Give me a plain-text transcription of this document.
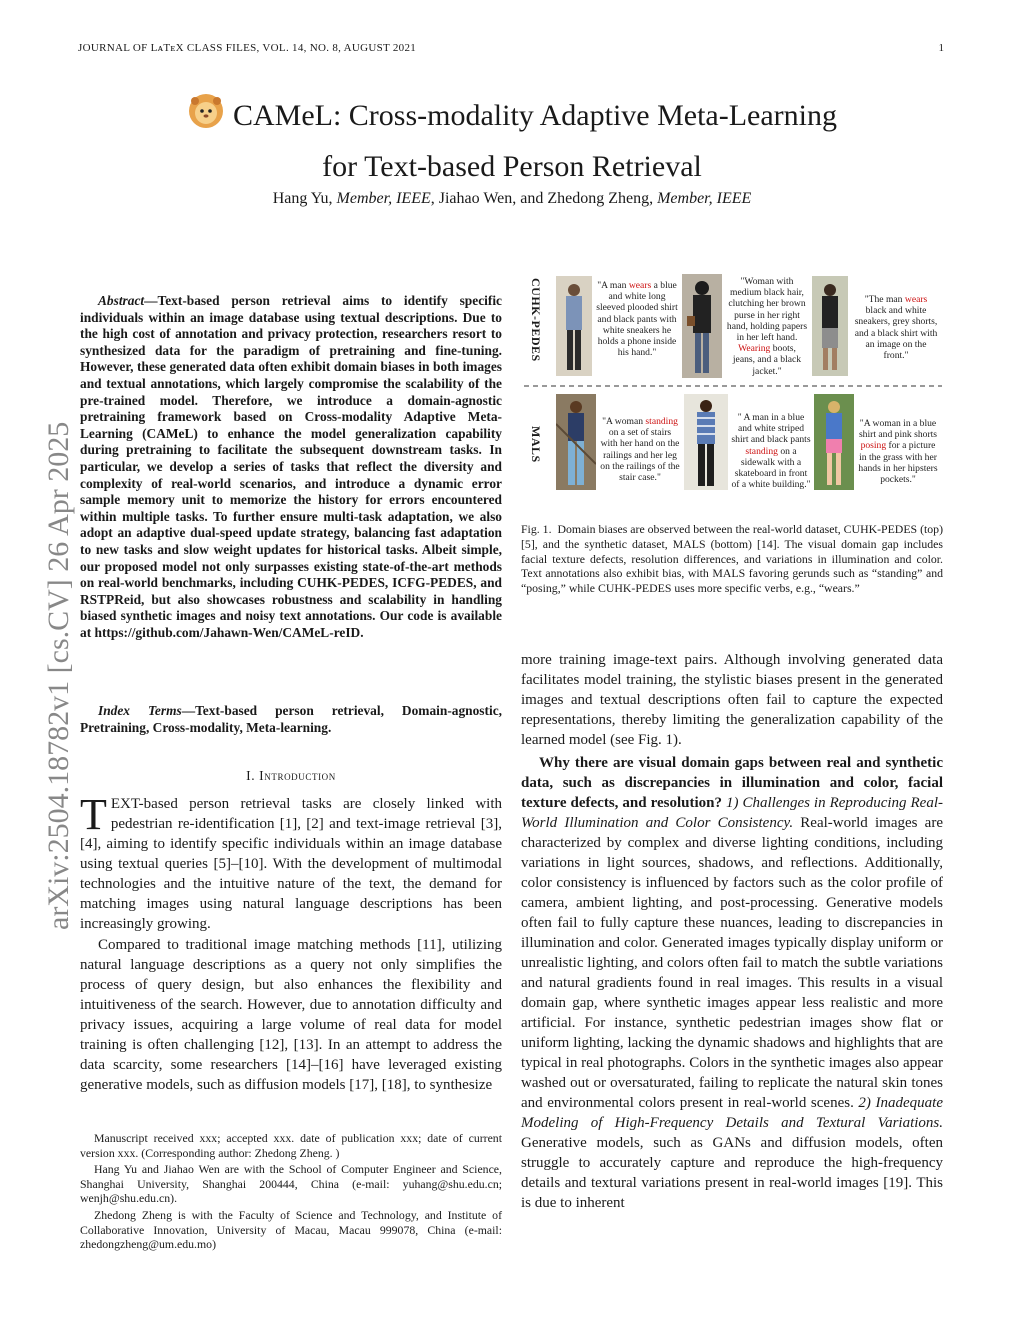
JOURNAL OF LᴀTᴇX CLASS FILES, VOL. 14, NO. 8, AUGUST 2021	1
CAMeL: Cross-modality Adaptive Meta-Learning
for Text-based Person Retrieval
Hang Yu, Member, IEEE, Jiahao Wen, and Zhedong Zheng, Member, IEEE
arXiv:2504.18782v1 [cs.CV] 26 Apr 2025
Abstract—Text-based person retrieval aims to identify specific individuals within an image database using textual descriptions. Due to the high cost of annotation and privacy protection, researchers resort to synthesized data for the paradigm of pretraining and fine-tuning. However, these generated data often exhibit domain biases in both images and textual annotations, which largely compromise the scalability of the pre-trained model. Therefore, we introduce a domain-agnostic pretraining framework based on Cross-modality Adaptive Meta-Learning (CAMeL) to enhance the model generalization capability during pretraining to facilitate the subsequent downstream tasks. In particular, we develop a series of tasks that reflect the diversity and complexity of real-world scenarios, and introduce a dynamic error sample memory unit to memorize the history for errors encountered within multiple tasks. To further ensure multi-task adaptation, we also adopt an adaptive dual-speed update strategy, balancing fast adaptation to new tasks and slow weight updates for historical tasks. Albeit simple, our proposed model not only surpasses existing state-of-the-art methods on real-world benchmarks, including CUHK-PEDES, ICFG-PEDES, and RSTPReid, but also showcases robustness and scalability in handling biased synthetic images and noisy text annotations. Our code is available at https://github.com/Jahawn-Wen/CAMeL-reID.
Index Terms—Text-based person retrieval, Domain-agnostic, Pretraining, Cross-modality, Meta-learning.
I. Introduction
TEXT-based person retrieval tasks are closely linked with pedestrian re-identification [1], [2] and text-image retrieval [3], [4], aiming to identify specific individuals within an image database using textual queries [5]–[10]. With the development of multimodal technologies and the intuitive nature of the text, the demand for matching images using natural language descriptions has been increasingly growing.
Compared to traditional image matching methods [11], utilizing natural language descriptions as a query not only simplifies the process of query design, but also enhances the flexibility and intuitiveness of the search. However, due to annotation difficulty and privacy issues, acquiring a large volume of real data for model training is often challenging [12], [13]. In an attempt to address the data scarcity, some researchers [14]–[16] have leveraged existing generative models, such as diffusion models [17], [18], to synthesize

Manuscript received xxx; accepted xxx. date of publication xxx; date of current version xxx. (Corresponding author: Zhedong Zheng. )

Hang Yu and Jiahao Wen are with the School of Computer Engineer and Science, Shanghai University, Shanghai 200444, China (e-mail: yuhang@shu.edu.cn; wenjh@shu.edu.cn).

Zhedong Zheng is with the Faculty of Science and Technology, and Institute of Collaborative Innovation, University of Macau, Macau 999078, China (e-mail: zhedongzheng@um.edu.mo)

CUHK-PEDES
MALS
"A man wears a blue and white long sleeved plooded shirt and black pants with white sneakers he holds a phone inside his hand."
"Woman with medium black hair, clutching her brown purse in her right hand, holding papers in her left hand. Wearing boots, jeans, and a black jacket."
"The man wears black and white sneakers, grey shorts, and a black shirt with an image on the front."
"A woman standing on a set of stairs with her hand on the railings and her leg on the railings of the stair case."
" A man in a blue and white striped shirt and black pants standing on a sidewalk with a skateboard in front of a white building."
"A woman in a blue shirt and pink shorts posing for a picture in the grass with her hands in her hipsters pockets."
Fig. 1. Domain biases are observed between the real-world dataset, CUHK-PEDES (top) [5], and the synthetic dataset, MALS (bottom) [14]. The visual domain gap includes facial texture defects, resolution differences, and variations in illumination and color. Text annotations also exhibit bias, with MALS favoring gerunds such as “standing” and “posing,” while CUHK-PEDES uses more specific verbs, e.g., “wears.”
more training image-text pairs. Although involving generated data facilitates model training, the stylistic biases present in the generated images and textual descriptions often fail to capture the expected representations, thereby limiting the generalization capability of the learned model (see Fig. 1).
Why there are visual domain gaps between real and synthetic data, such as discrepancies in illumination and color, facial texture defects, and resolution? 1) Challenges in Reproducing Real-World Illumination and Color Consistency. Real-world images are characterized by complex and diverse lighting conditions, including variations in light sources, shadows, and reflections. Additionally, color consistency is influenced by factors such as the color profile of camera, ambient lighting, and post-processing. Generative models often fail to fully capture these nuances, leading to discrepancies in illumination and color. Generated images typically display uniform or unrealistic lighting, and colors often fail to match the subtle variations and natural gradients found in real images. This results in a visual domain gap, where synthetic images appear less realistic and more artificial. For instance, synthetic pedestrian images show flat or uniform lighting, lacking the dynamic shadows and highlights that are typical in real photographs. Colors in the synthetic images also appear washed out or oversaturated, failing to replicate the natural skin tones and environmental colors present in real-world scenes. 2) Inadequate Modeling of High-Frequency Details and Textural Variations. Generative models, such as GANs and diffusion models, often struggle to accurately capture and reproduce the high-frequency details and textural variations present in real-world images [19]. This is due to inherent
